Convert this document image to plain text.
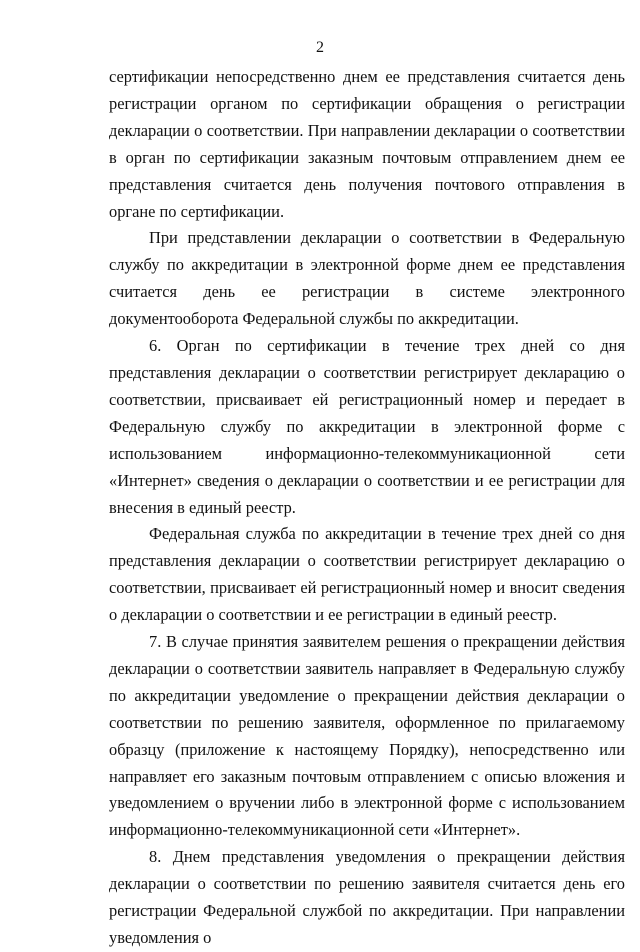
2

сертификации непосредственно днем ее представления считается день регистрации органом по сертификации обращения о регистрации декларации о соответствии. При направлении декларации о соответствии в орган по сертификации заказным почтовым отправлением днем ее представления считается день получения почтового отправления в органе по сертификации.

При представлении декларации о соответствии в Федеральную службу по аккредитации в электронной форме днем ее представления считается день ее регистрации в системе электронного документооборота Федеральной службы по аккредитации.

6. Орган по сертификации в течение трех дней со дня представления декларации о соответствии регистрирует декларацию о соответствии, присваивает ей регистрационный номер и передает в Федеральную службу по аккредитации в электронной форме с использованием информационно-телекоммуникационной сети «Интернет» сведения о декларации о соответствии и ее регистрации для внесения в единый реестр.

Федеральная служба по аккредитации в течение трех дней со дня представления декларации о соответствии регистрирует декларацию о соответствии, присваивает ей регистрационный номер и вносит сведения о декларации о соответствии и ее регистрации в единый реестр.

7. В случае принятия заявителем решения о прекращении действия декларации о соответствии заявитель направляет в Федеральную службу по аккредитации уведомление о прекращении действия декларации о соответствии по решению заявителя, оформленное по прилагаемому образцу (приложение к настоящему Порядку), непосредственно или направляет его заказным почтовым отправлением с описью вложения и уведомлением о вручении либо в электронной форме с использованием информационно-телекоммуникационной сети «Интернет».

8. Днем представления уведомления о прекращении действия декларации о соответствии по решению заявителя считается день его регистрации Федеральной службой по аккредитации. При направлении уведомления о
